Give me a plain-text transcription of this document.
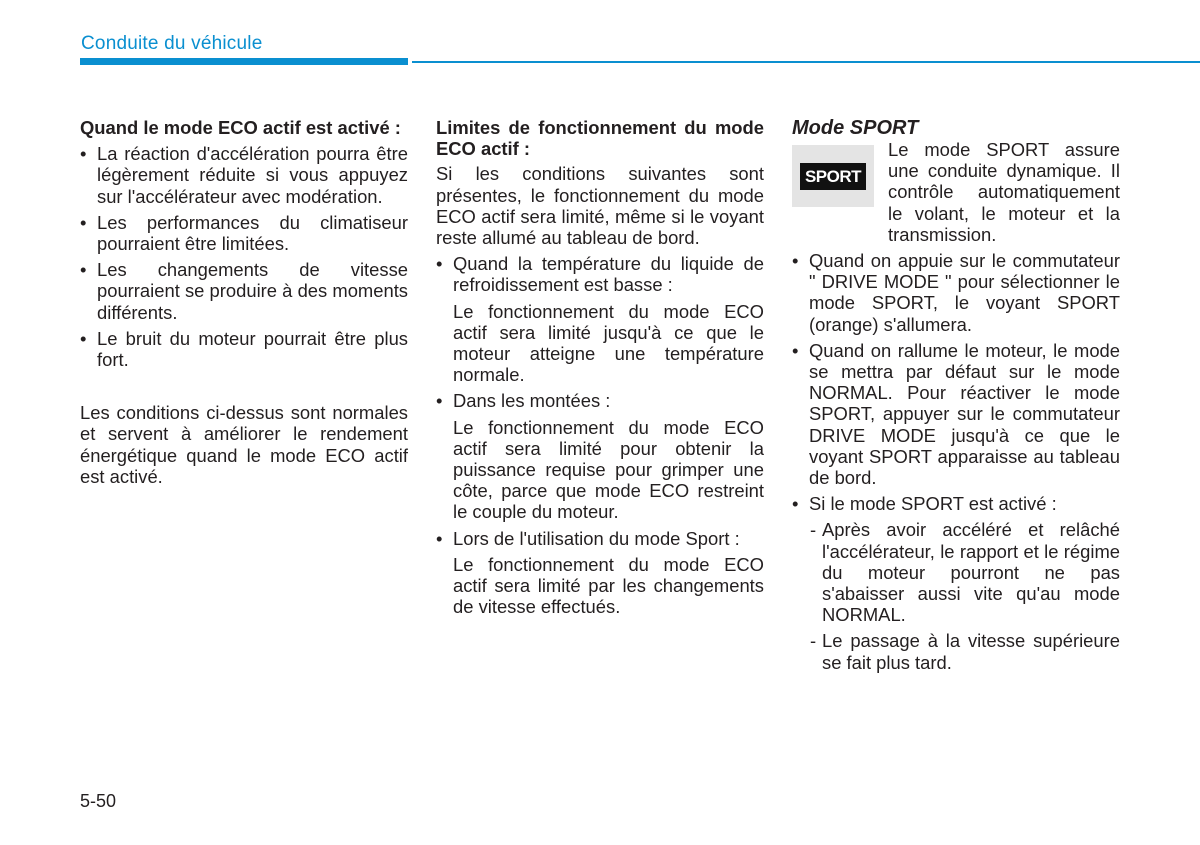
Conduite du véhicule

Quand le mode ECO actif est activé :

• La réaction d'accélération pourra être légèrement réduite si vous appuyez sur l'accélérateur avec modération.
• Les performances du climatiseur pourraient être limitées.
• Les changements de vitesse pourraient se produire à des moments différents.
• Le bruit du moteur pourrait être plus fort.

Les conditions ci-dessus sont normales et servent à améliorer le rendement énergétique quand le mode ECO actif est activé.

Limites de fonctionnement du mode ECO actif :

Si les conditions suivantes sont présentes, le fonctionnement du mode ECO actif sera limité, même si le voyant reste allumé au tableau de bord.

• Quand la température du liquide de refroidissement est basse :
Le fonctionnement du mode ECO actif sera limité jusqu'à ce que le moteur atteigne une température normale.
• Dans les montées :
Le fonctionnement du mode ECO actif sera limité pour obtenir la puissance requise pour grimper une côte, parce que mode ECO restreint le couple du moteur.
• Lors de l'utilisation du mode Sport :
Le fonctionnement du mode ECO actif sera limité par les changements de vitesse effectués.

Mode SPORT

SPORT

Le mode SPORT assure une conduite dynamique. Il contrôle automatiquement le volant, le moteur et la transmission.

• Quand on appuie sur le commutateur " DRIVE MODE " pour sélectionner le mode SPORT, le voyant SPORT (orange) s'allumera.
• Quand on rallume le moteur, le mode se mettra par défaut sur le mode NORMAL. Pour réactiver le mode SPORT, appuyer sur le commutateur DRIVE MODE jusqu'à ce que le voyant SPORT apparaisse au tableau de bord.
• Si le mode SPORT est activé :
- Après avoir accéléré et relâché l'accélérateur, le rapport et le régime du moteur pourront ne pas s'abaisser aussi vite qu'au mode NORMAL.
- Le passage à la vitesse supérieure se fait plus tard.
5-50
